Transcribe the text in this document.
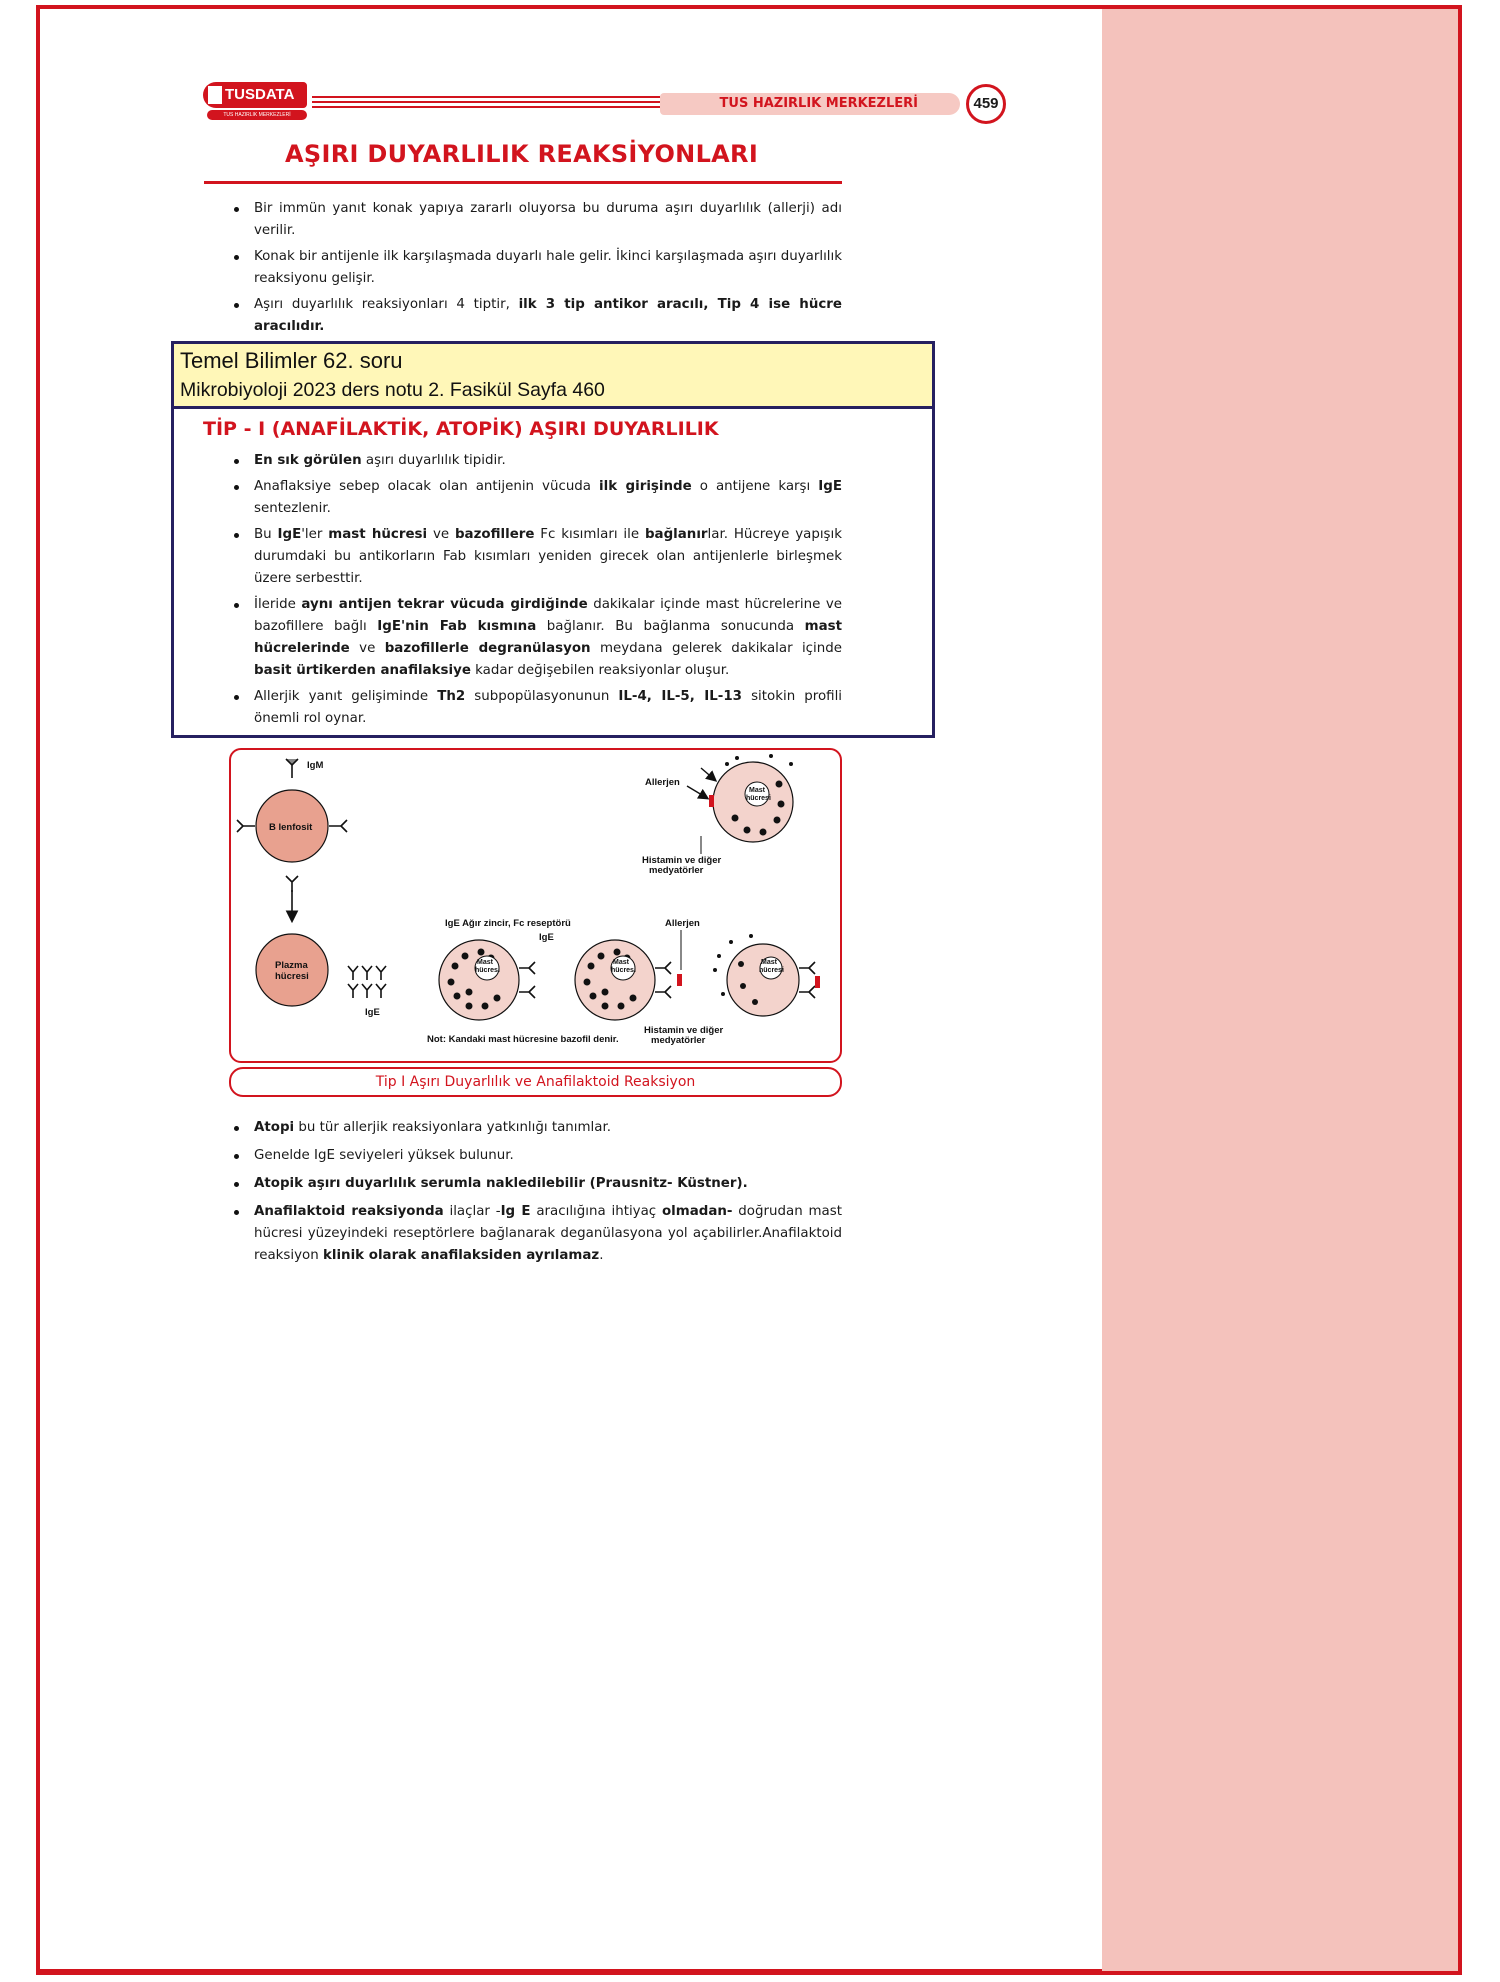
TUSDATA
TUS HAZIRLIK MERKEZLERİ
TUS HAZIRLIK MERKEZLERİ	459
AŞIRI DUYARLILIK REAKSİYONLARI
Bir immün yanıt konak yapıya zararlı oluyorsa bu duruma aşırı duyarlılık (allerji) adı verilir.
Konak bir antijenle ilk karşılaşmada duyarlı hale gelir. İkinci karşılaşmada aşırı duyarlılık reaksiyonu gelişir.
Aşırı duyarlılık reaksiyonları 4 tiptir, ilk 3 tip antikor aracılı, Tip 4 ise hücre aracılıdır.
Temel Bilimler 62. soru
Mikrobiyoloji 2023 ders notu 2. Fasikül Sayfa 460
TİP - I (ANAFİLAKTİK, ATOPİK) AŞIRI DUYARLILIK
En sık görülen aşırı duyarlılık tipidir.
Anaflaksiye sebep olacak olan antijenin vücuda ilk girişinde o antijene karşı IgE sentezlenir.
Bu IgE'ler mast hücresi ve bazofillere Fc kısımları ile bağlanırlar. Hücreye yapışık durumdaki bu antikorların Fab kısımları yeniden girecek olan antijenlerle birleşmek üzere serbesttir.
İleride aynı antijen tekrar vücuda girdiğinde dakikalar içinde mast hücrelerine ve bazofillere bağlı IgE'nin Fab kısmına bağlanır. Bu bağlanma sonucunda mast hücrelerinde ve bazofillerle degranülasyon meydana gelerek dakikalar içinde basit ürtikerden anafilaksiye kadar değişebilen reaksiyonlar oluşur.
Allerjik yanıt gelişiminde Th2 subpopülasyonunun IL-4, IL-5, IL-13 sitokin profili önemli rol oynar.
IgM
B lenfosit
Plazma
hücresi
IgE
Mast
hücresi
IgE Ağır zincir, Fc reseptörü
IgE
Mast
hücresi
Allerjen
Mast
hücresi
Histamin ve diğer
medyatörler
Not: Kandaki mast hücresine bazofil denir.
Mast
hücresi
Allerjen
Histamin ve diğer
medyatörler
Tip I Aşırı Duyarlılık ve Anafilaktoid Reaksiyon
Atopi bu tür allerjik reaksiyonlara yatkınlığı tanımlar.
Genelde IgE seviyeleri yüksek bulunur.
Atopik aşırı duyarlılık serumla nakledilebilir (Prausnitz- Küstner).
Anafilaktoid reaksiyonda ilaçlar -Ig E aracılığına ihtiyaç olmadan- doğrudan mast hücresi yüzeyindeki reseptörlere bağlanarak deganülasyona yol açabilirler.Anafilaktoid reaksiyon klinik olarak anafilaksiden ayrılamaz.
